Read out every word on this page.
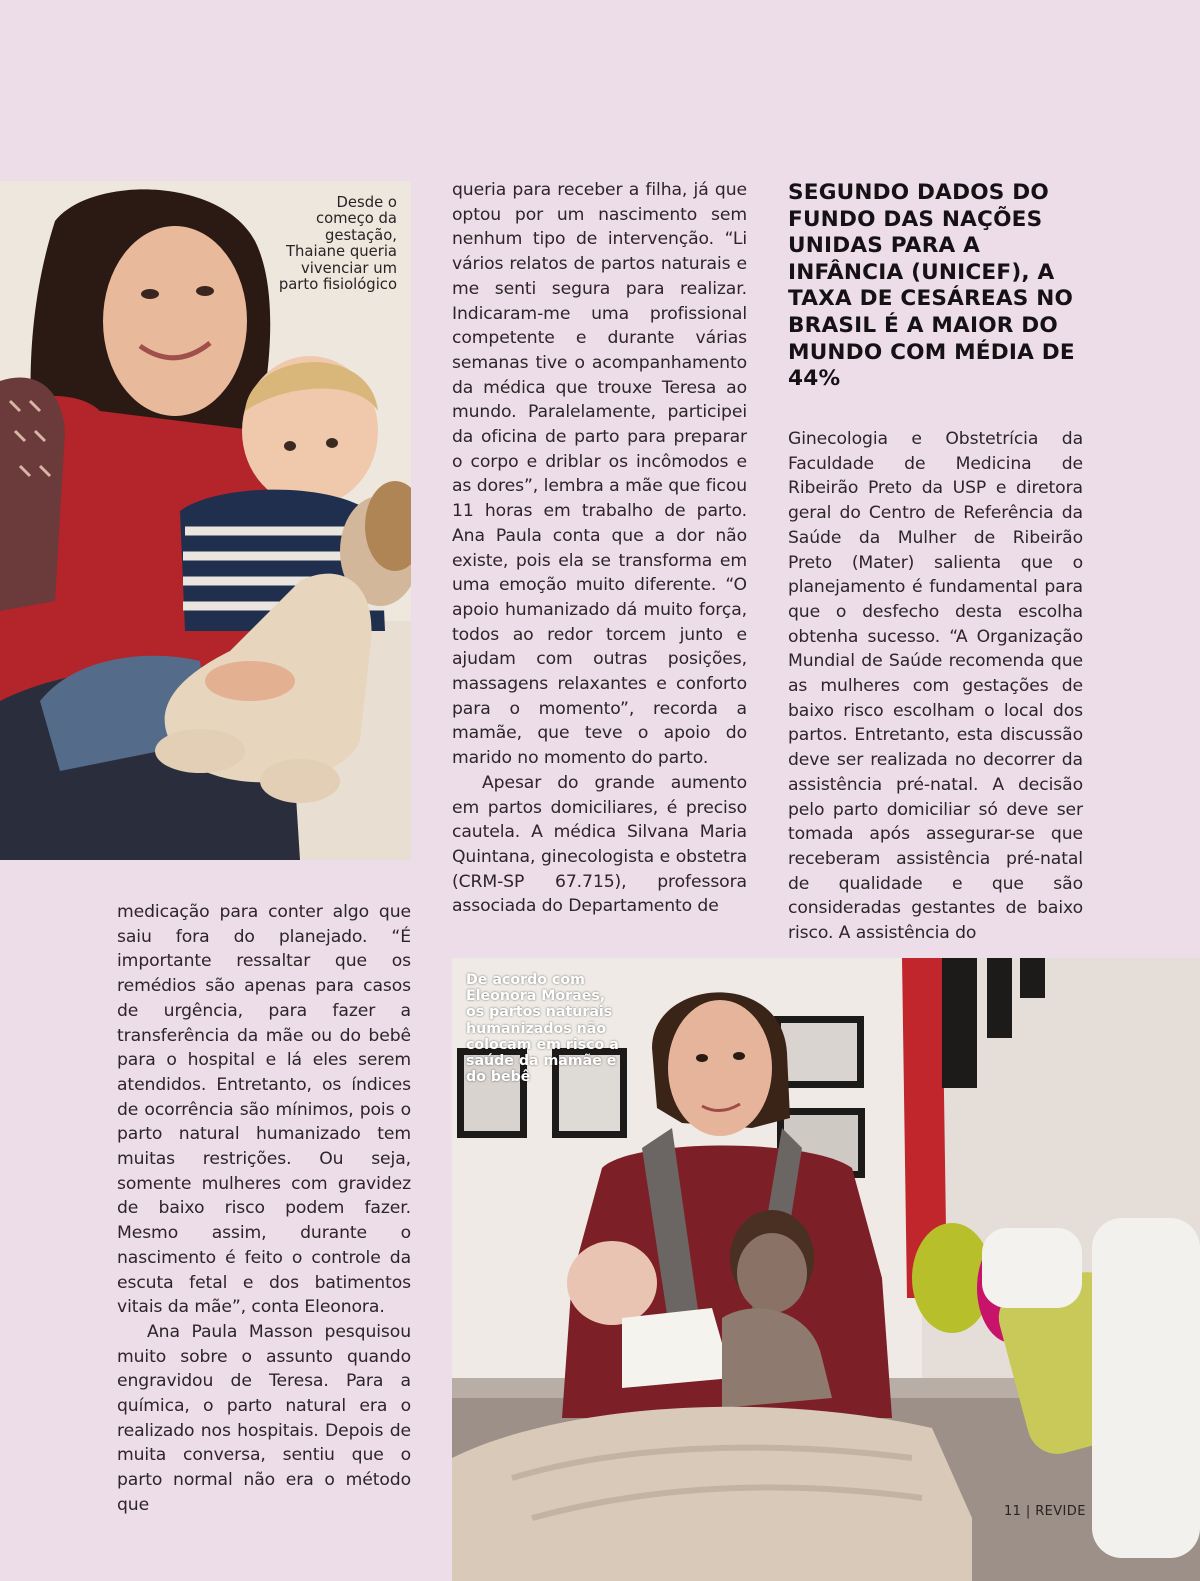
Desde o começo da gestação, Thaiane queria vivenciar um parto fisiológico

medicação para conter algo que saiu fora do planejado. “É importante ressaltar que os remédios são apenas para casos de urgência, para fazer a transferência da mãe ou do bebê para o hospital e lá eles serem atendidos. Entretanto, os índices de ocorrência são mínimos, pois o parto natural humanizado tem muitas restrições. Ou seja, somente mulheres com gravidez de baixo risco podem fazer. Mesmo assim, durante o nascimento é feito o controle da escuta fetal e dos batimentos vitais da mãe”, conta Eleonora.

Ana Paula Masson pesquisou muito sobre o assunto quando engravidou de Teresa. Para a química, o parto natural era o realizado nos hospitais. Depois de muita conversa, sentiu que o parto normal não era o método que

queria para receber a filha, já que optou por um nascimento sem nenhum tipo de intervenção. “Li vários relatos de partos naturais e me senti segura para realizar. Indicaram-me uma profissional competente e durante várias semanas tive o acompanhamento da médica que trouxe Teresa ao mundo. Paralelamente, participei da oficina de parto para preparar o corpo e driblar os incômodos e as dores”, lembra a mãe que ficou 11 horas em trabalho de parto. Ana Paula conta que a dor não existe, pois ela se transforma em uma emoção muito diferente. “O apoio humanizado dá muito força, todos ao redor torcem junto e ajudam com outras posições, massagens relaxantes e conforto para o momento”, recorda a mamãe, que teve o apoio do marido no momento do parto.

Apesar do grande aumento em partos domiciliares, é preciso cautela. A médica Silvana Maria Quintana, ginecologista e obstetra (CRM-SP 67.715), professora associada do Departamento de

SEGUNDO DADOS DO FUNDO DAS NAÇÕES UNIDAS PARA A INFÂNCIA (UNICEF), A TAXA DE CESÁREAS NO BRASIL É A MAIOR DO MUNDO COM MÉDIA DE 44%

Ginecologia e Obstetrícia da Faculdade de Medicina de Ribeirão Preto da USP e diretora geral do Centro de Referência da Saúde da Mulher de Ribeirão Preto (Mater) salienta que o planejamento é fundamental para que o desfecho desta escolha obtenha sucesso. “A Organização Mundial de Saúde recomenda que as mulheres com gestações de baixo risco escolham o local dos partos. Entretanto, esta discussão deve ser realizada no decorrer da assistência pré-natal. A decisão pelo parto domiciliar só deve ser tomada após assegurar-se que receberam assistência pré-natal de qualidade e que são consideradas gestantes de baixo risco. A assistência do

De acordo com Eleonora Moraes, os partos naturais humanizados não colocam em risco a saúde da mamãe e do bebê
11 | REVIDE
